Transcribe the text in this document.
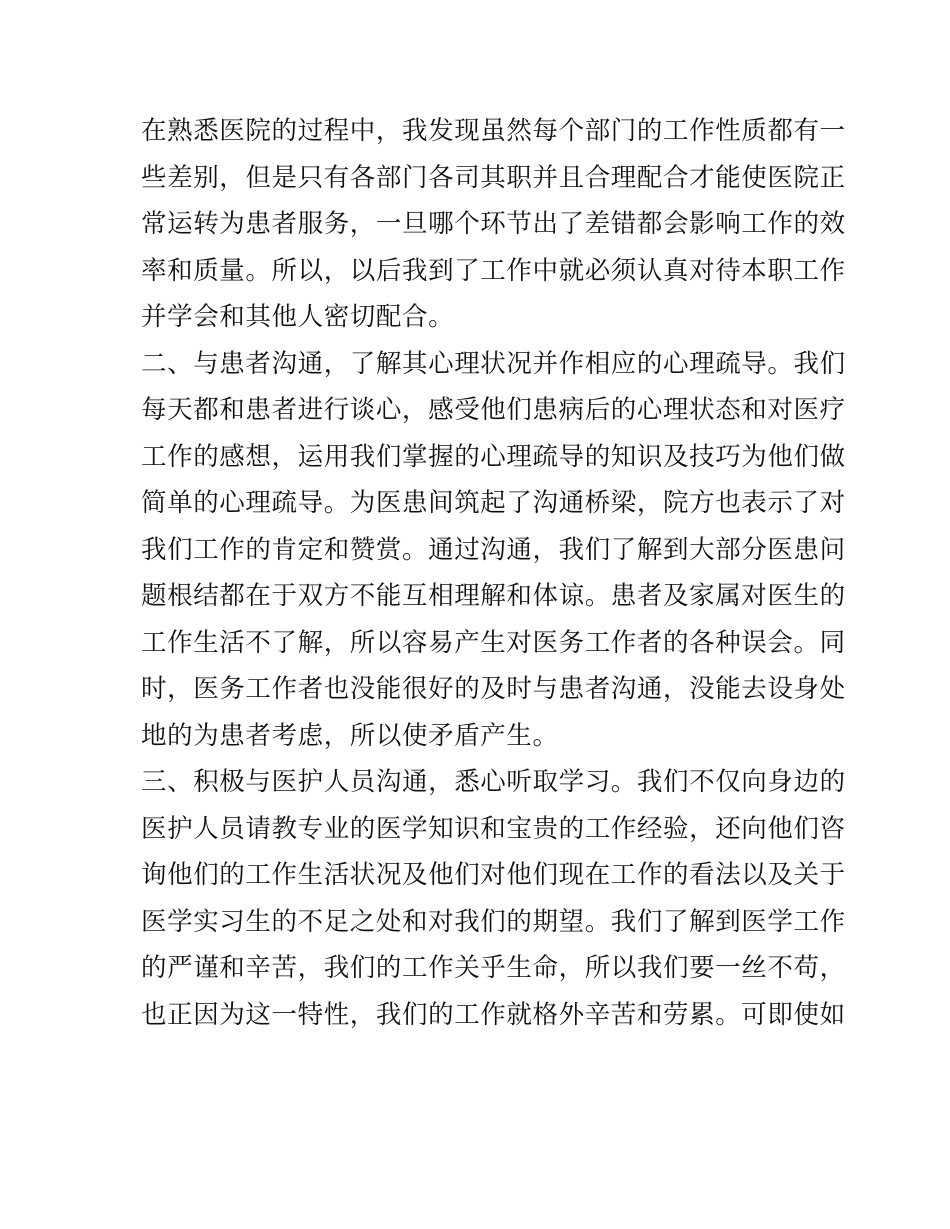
在熟悉医院的过程中，我发现虽然每个部门的工作性质都有一
些差别，但是只有各部门各司其职并且合理配合才能使医院正
常运转为患者服务，一旦哪个环节出了差错都会影响工作的效
率和质量。所以，以后我到了工作中就必须认真对待本职工作
并学会和其他人密切配合。
二、与患者沟通，了解其心理状况并作相应的心理疏导。我们
每天都和患者进行谈心，感受他们患病后的心理状态和对医疗
工作的感想，运用我们掌握的心理疏导的知识及技巧为他们做
简单的心理疏导。为医患间筑起了沟通桥梁，院方也表示了对
我们工作的肯定和赞赏。通过沟通，我们了解到大部分医患问
题根结都在于双方不能互相理解和体谅。患者及家属对医生的
工作生活不了解，所以容易产生对医务工作者的各种误会。同
时，医务工作者也没能很好的及时与患者沟通，没能去设身处
地的为患者考虑，所以使矛盾产生。
三、积极与医护人员沟通，悉心听取学习。我们不仅向身边的
医护人员请教专业的医学知识和宝贵的工作经验，还向他们咨
询他们的工作生活状况及他们对他们现在工作的看法以及关于
医学实习生的不足之处和对我们的期望。我们了解到医学工作
的严谨和辛苦，我们的工作关乎生命，所以我们要一丝不苟，
也正因为这一特性，我们的工作就格外辛苦和劳累。可即使如
